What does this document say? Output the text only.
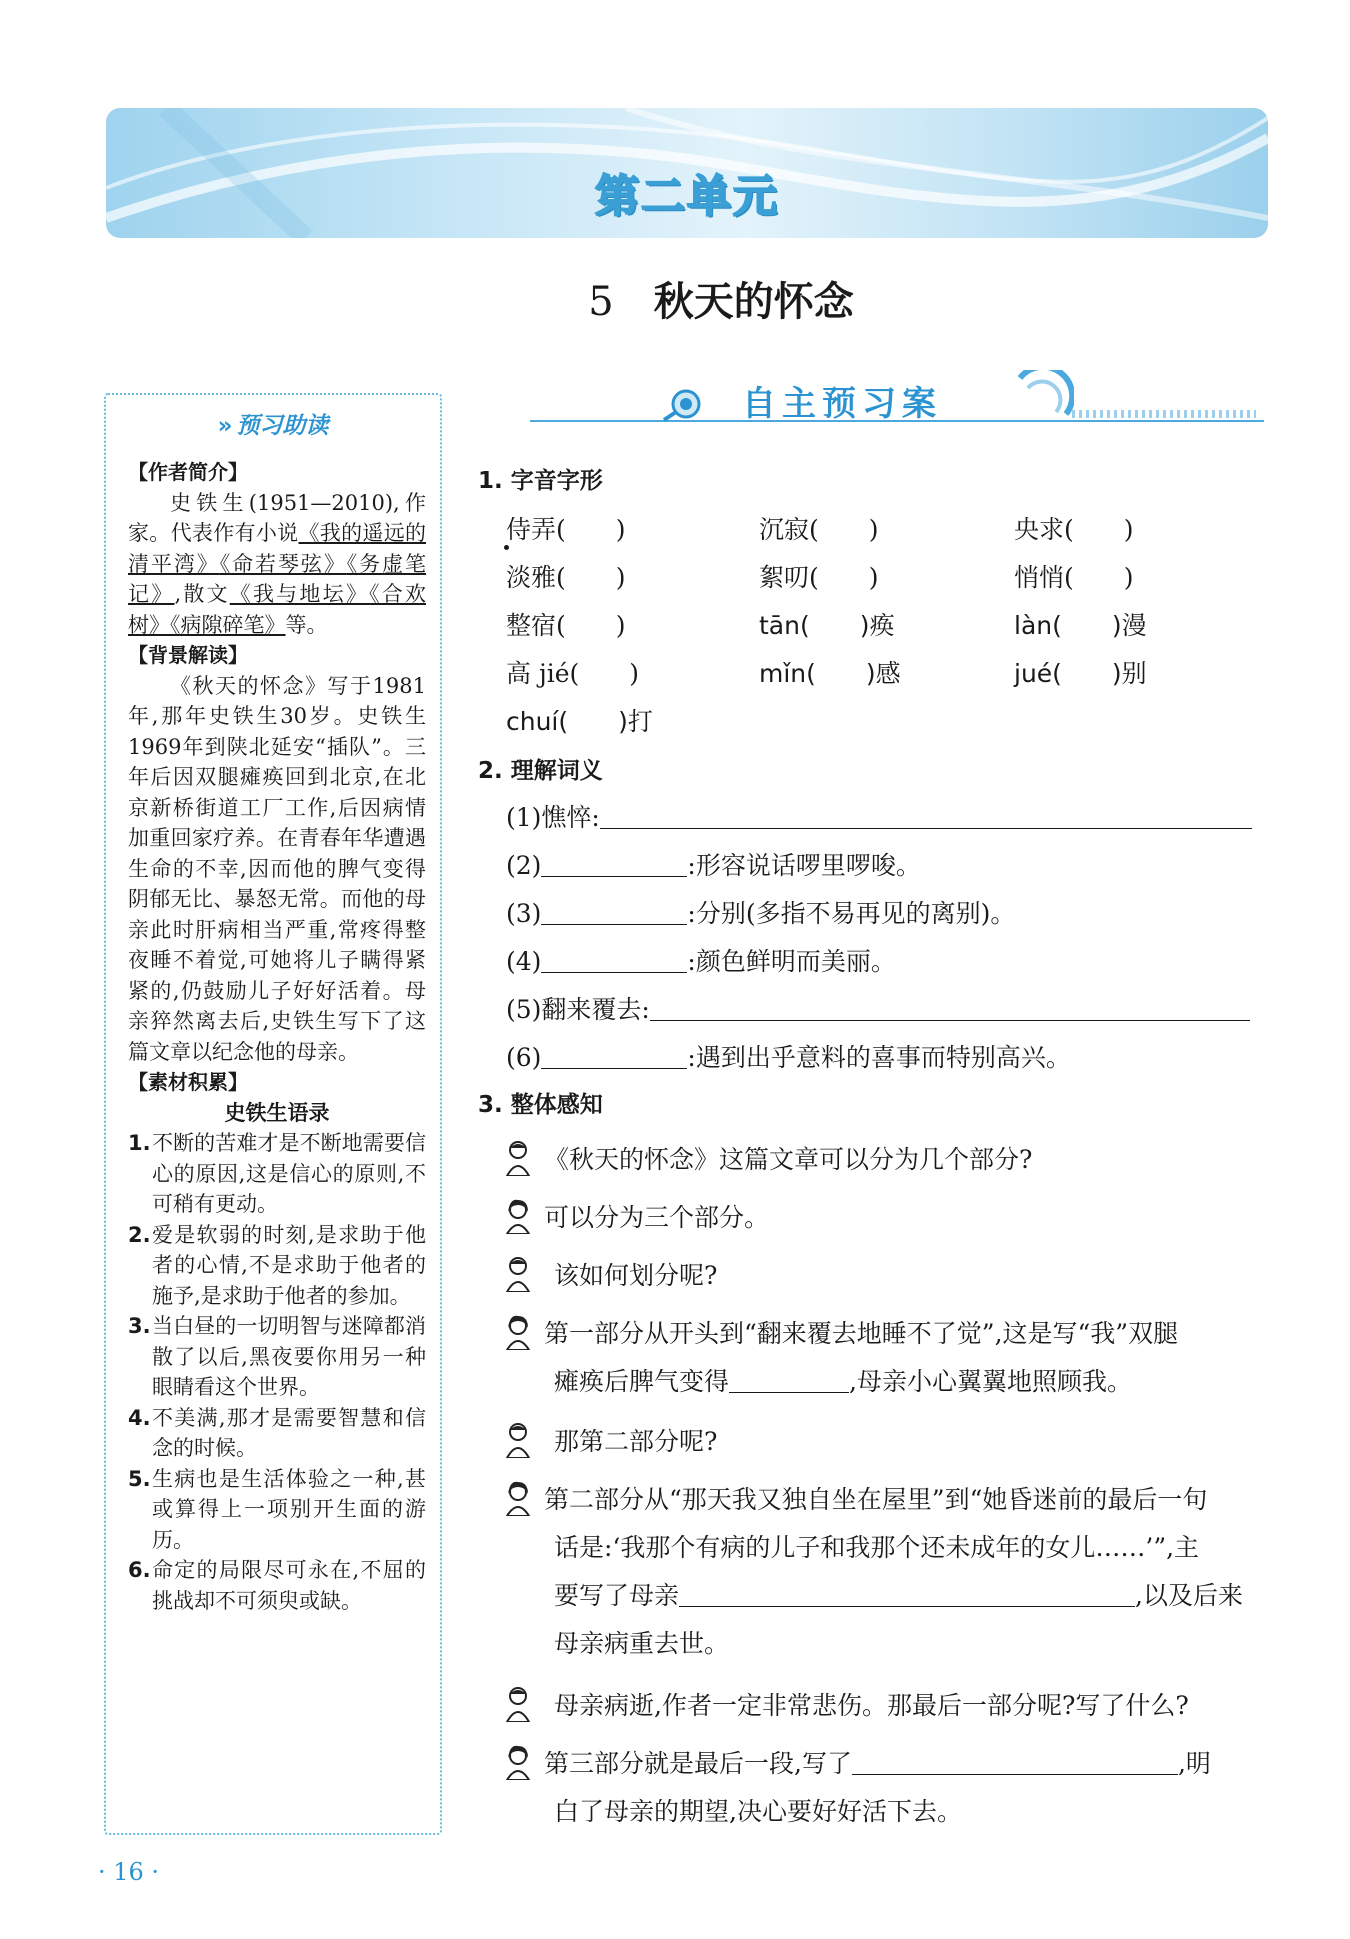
第二单元
5 秋天的怀念
» 预习助读
【作者简介】
史铁生(1951—2010),作家。代表作有小说《我的遥远的清平湾》《命若琴弦》《务虚笔记》,散文《我与地坛》《合欢树》《病隙碎笔》等。
【背景解读】
《秋天的怀念》写于1981年,那年史铁生30岁。史铁生1969年到陕北延安“插队”。三年后因双腿瘫痪回到北京,在北京新桥街道工厂工作,后因病情加重回家疗养。在青春年华遭遇生命的不幸,因而他的脾气变得阴郁无比、暴怒无常。而他的母亲此时肝病相当严重,常疼得整夜睡不着觉,可她将儿子瞒得紧紧的,仍鼓励儿子好好活着。母亲猝然离去后,史铁生写下了这篇文章以纪念他的母亲。
【素材积累】
史铁生语录
1. 不断的苦难才是不断地需要信心的原因,这是信心的原则,不可稍有更动。
2. 爱是软弱的时刻,是求助于他者的心情,不是求助于他者的施予,是求助于他者的参加。
3. 当白昼的一切明智与迷障都消散了以后,黑夜要你用另一种眼睛看这个世界。
4. 不美满,那才是需要智慧和信念的时候。
5. 生病也是生活体验之一种,甚或算得上一项别开生面的游历。
6. 命定的局限尽可永在,不屈的挑战却不可须臾或缺。
自主预习案
1. 字音字形
侍弄(　　)	沉寂(　　)	央求(　　)
淡雅(　　)	絮叨(　　)	悄悄(　　)
整宿(　　)	tān(　　)痪	làn(　　)漫
高 jié(　　)	mǐn(　　)感	jué(　　)别
chuí(　　)打
2. 理解词义
(1)憔悴:
(2)	:形容说话啰里啰唆。
(3)	:分别(多指不易再见的离别)。
(4)	:颜色鲜明而美丽。
(5)翻来覆去:
(6)	:遇到出乎意料的喜事而特别高兴。
3. 整体感知
《秋天的怀念》这篇文章可以分为几个部分?
可以分为三个部分。
该如何划分呢?
第一部分从开头到“翻来覆去地睡不了觉”,这是写“我”双腿
瘫痪后脾气变得	,母亲小心翼翼地照顾我。
那第二部分呢?
第二部分从“那天我又独自坐在屋里”到“她昏迷前的最后一句
话是:‘我那个有病的儿子和我那个还未成年的女儿……’”,主
要写了母亲	,以及后来
母亲病重去世。
母亲病逝,作者一定非常悲伤。那最后一部分呢?写了什么?
第三部分就是最后一段,写了	,明
白了母亲的期望,决心要好好活下去。
· 16 ·
